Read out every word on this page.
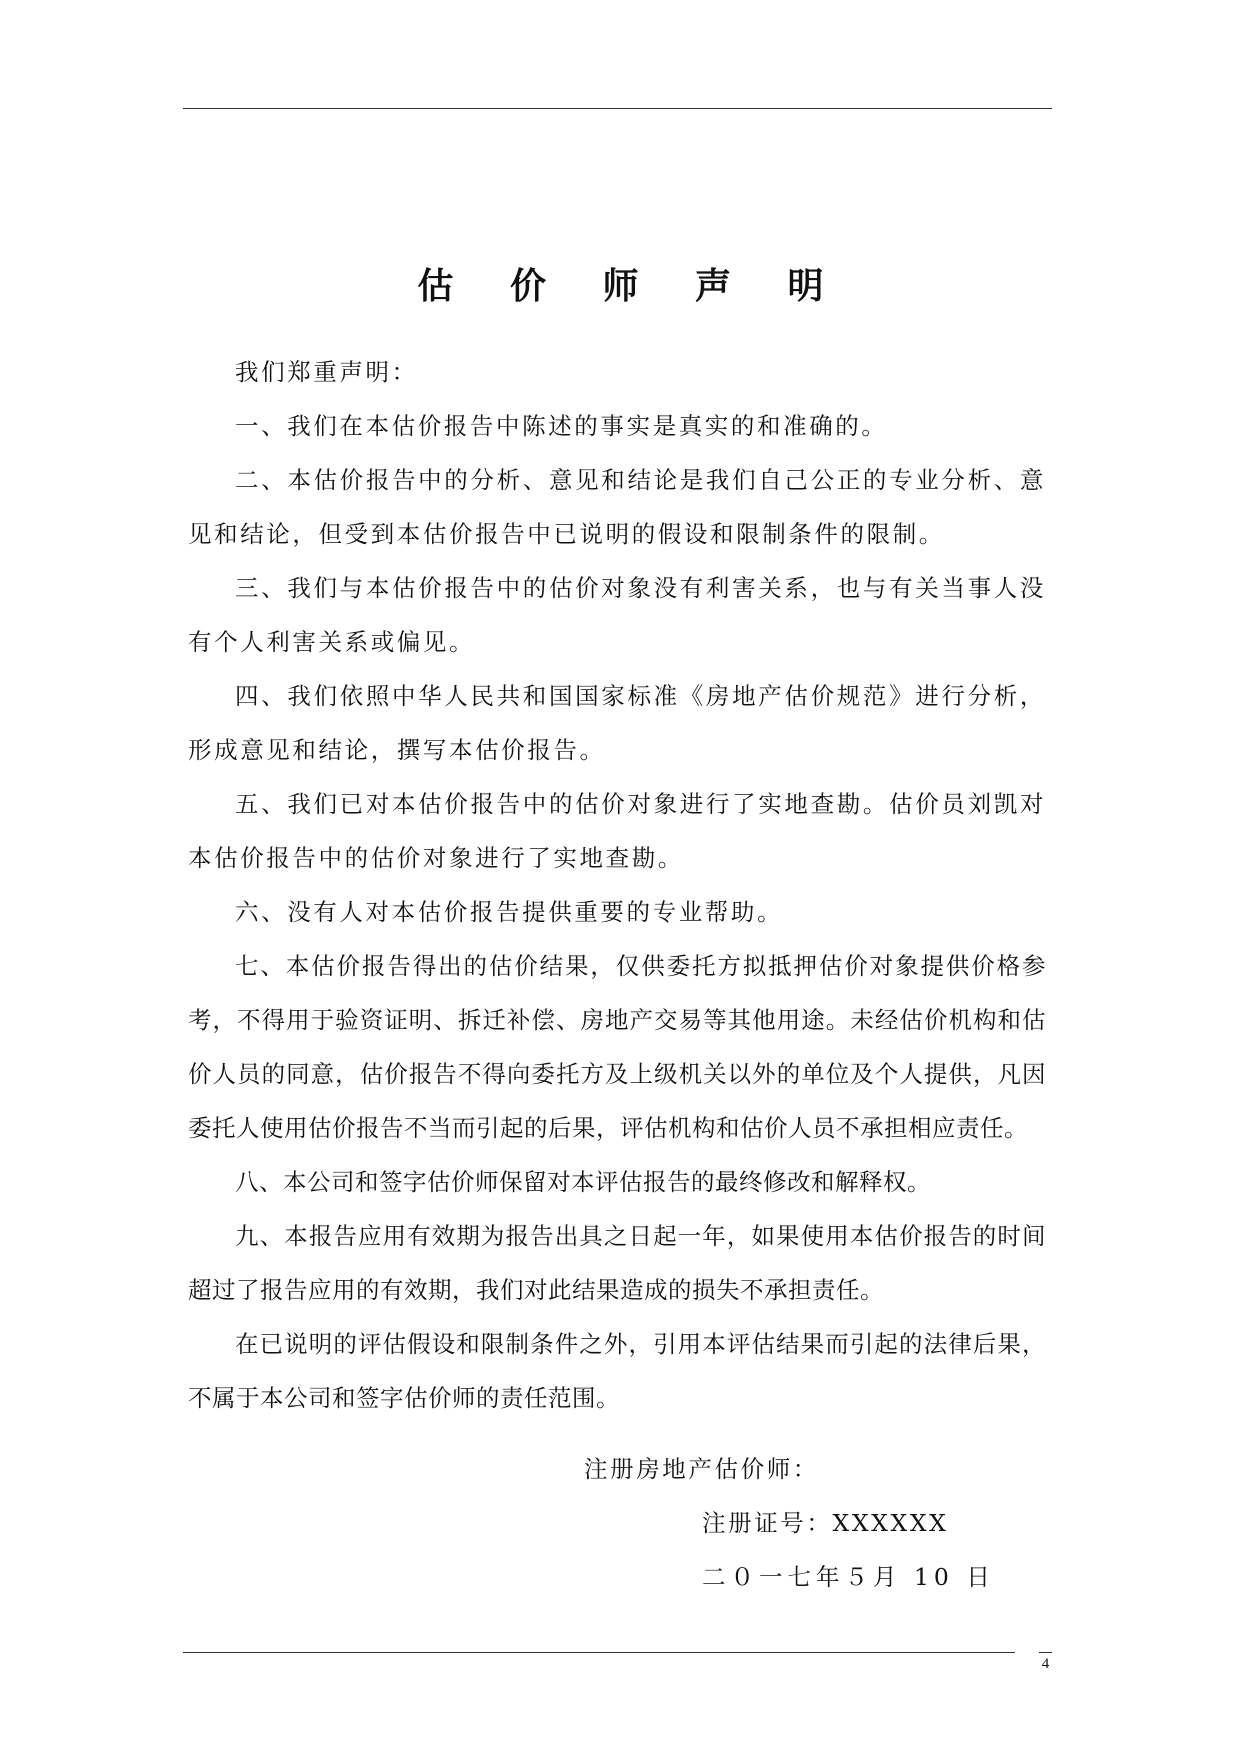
估 价 师 声 明

我们郑重声明：

一、我们在本估价报告中陈述的事实是真实的和准确的。

二、本估价报告中的分析、意见和结论是我们自己公正的专业分析、意见和结论，但受到本估价报告中已说明的假设和限制条件的限制。

三、我们与本估价报告中的估价对象没有利害关系，也与有关当事人没有个人利害关系或偏见。

四、我们依照中华人民共和国国家标准《房地产估价规范》进行分析，形成意见和结论，撰写本估价报告。

五、我们已对本估价报告中的估价对象进行了实地查勘。估价员刘凯对本估价报告中的估价对象进行了实地查勘。

六、没有人对本估价报告提供重要的专业帮助。

七、本估价报告得出的估价结果，仅供委托方拟抵押估价对象提供价格参考，不得用于验资证明、拆迁补偿、房地产交易等其他用途。未经估价机构和估价人员的同意，估价报告不得向委托方及上级机关以外的单位及个人提供，凡因委托人使用估价报告不当而引起的后果，评估机构和估价人员不承担相应责任。

八、本公司和签字估价师保留对本评估报告的最终修改和解释权。

九、本报告应用有效期为报告出具之日起一年，如果使用本估价报告的时间超过了报告应用的有效期，我们对此结果造成的损失不承担责任。

在已说明的评估假设和限制条件之外，引用本评估结果而引起的法律后果，不属于本公司和签字估价师的责任范围。

注册房地产估价师：
注册证号：XXXXXX
二０一七年５月 10 日
4
